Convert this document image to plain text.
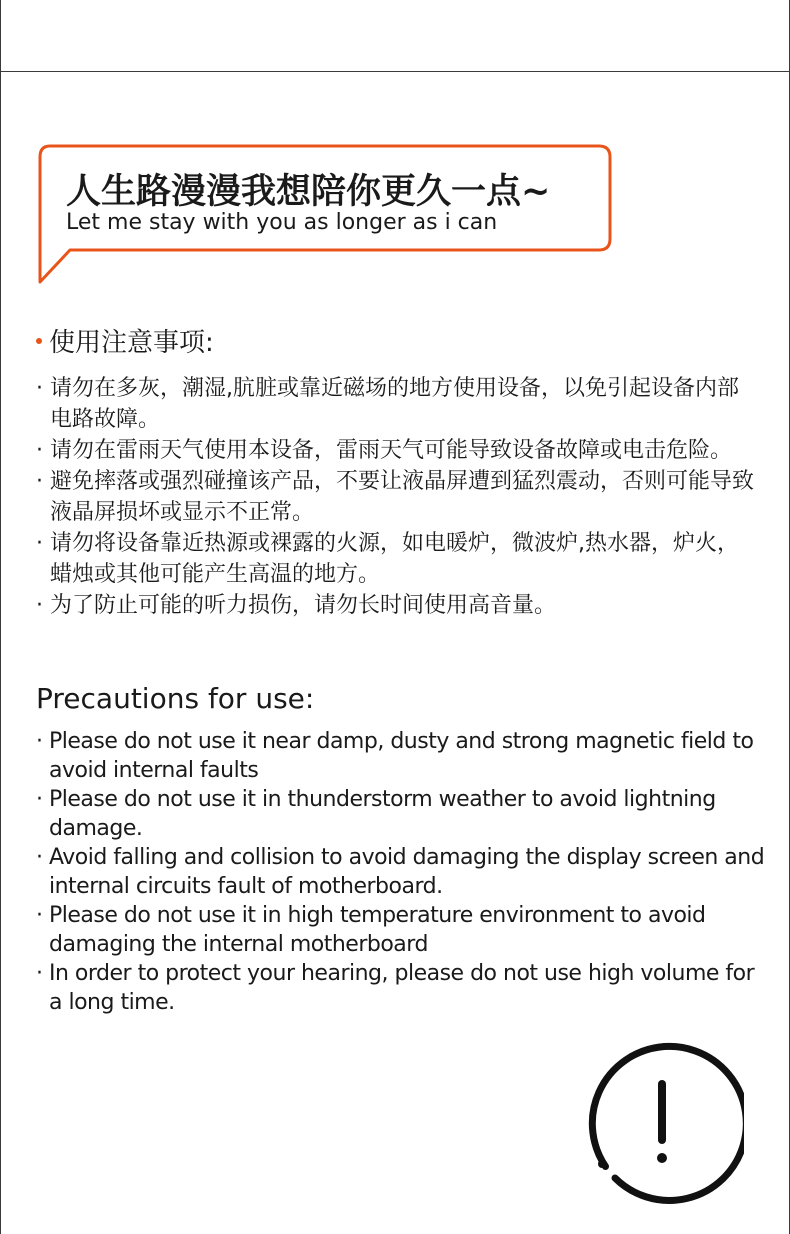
人生路漫漫我想陪你更久一点~

Let me stay with you as longer as i can

使用注意事项:
· 请勿在多灰，潮湿,肮脏或靠近磁场的地方使用设备，以免引起设备内部电路故障。
· 请勿在雷雨天气使用本设备，雷雨天气可能导致设备故障或电击危险。
· 避免摔落或强烈碰撞该产品，不要让液晶屏遭到猛烈震动，否则可能导致液晶屏损坏或显示不正常。
· 请勿将设备靠近热源或裸露的火源，如电暖炉，微波炉,热水器，炉火，蜡烛或其他可能产生高温的地方。
· 为了防止可能的听力损伤，请勿长时间使用高音量。
Precautions for use:
· Please do not use it near damp, dusty and strong magnetic field to avoid internal faults
· Please do not use it in thunderstorm weather to avoid lightning damage.
· Avoid falling and collision to avoid damaging the display screen and internal circuits fault of motherboard.
· Please do not use it in high temperature environment to avoid damaging the internal motherboard
· In order to protect your hearing, please do not use high volume for a long time.
